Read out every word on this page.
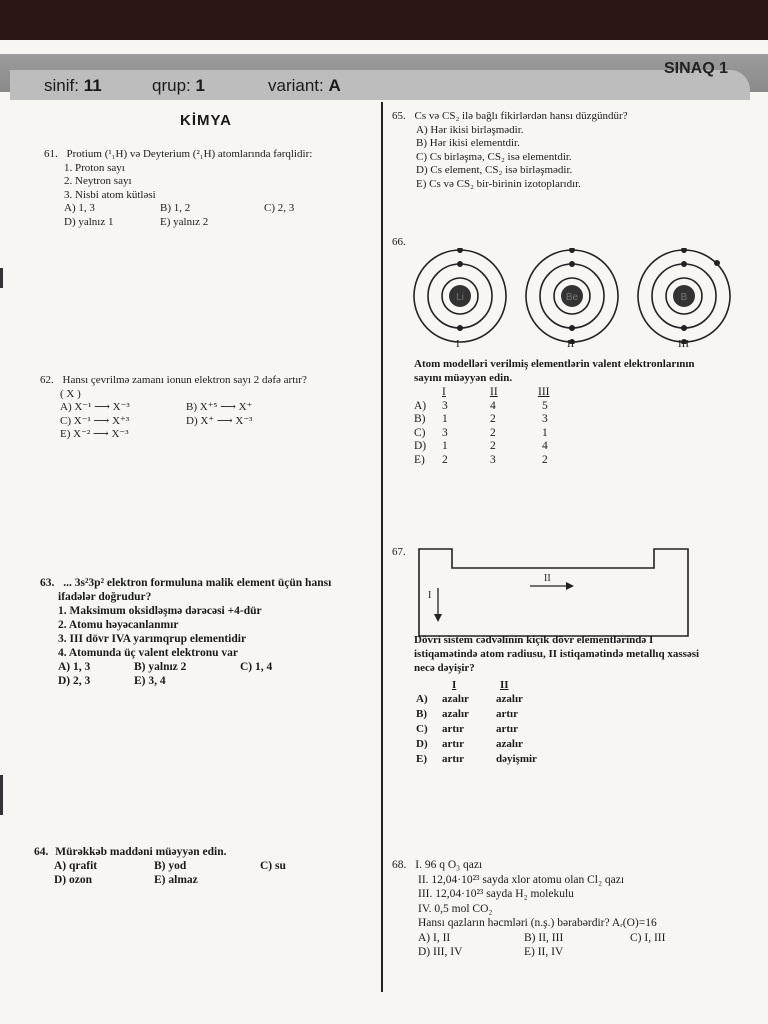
sinif: 11	qrup: 1	variant: A
SINAQ 1
KİMYA
61. Protium (¹₁H) və Deyterium (²₁H) atomlarında fərqlidir:
1. Proton sayı
2. Neytron sayı
3. Nisbi atom kütləsi
A) 1, 3	B) 1, 2	C) 2, 3
D) yalnız 1	E) yalnız 2
62. Hansı çevrilmə zamanı ionun elektron sayı 2 dəfə artır?
( X )
A) X⁻¹ ⟶ X⁻³	B) X⁺⁵ ⟶ X⁺
C) X⁻¹ ⟶ X⁺³	D) X⁺ ⟶ X⁻³
E) X⁻² ⟶ X⁻³
63. ... 3s²3p² elektron formuluna malik element üçün hansı
ifadələr doğrudur?
1. Maksimum oksidləşmə dərəcəsi +4-dür
2. Atomu həyəcanlanmır
3. III dövr IVA yarımqrup elementidir
4. Atomunda üç valent elektronu var
A) 1, 3	B) yalnız 2	C) 1, 4
D) 2, 3	E) 3, 4
64. Mürəkkəb maddəni müəyyən edin.
A) qrafit	B) yod	C) su
D) ozon	E) almaz
65. Cs və CS₂ ilə bağlı fikirlərdən hansı düzgündür?
A) Hər ikisi birləşmədir.
B) Hər ikisi elementdir.
C) Cs birləşmə, CS₂ isə elementdir.
D) Cs element, CS₂ isə birləşmədir.
E) Cs və CS₂ bir-birinin izotoplarıdır.
66.
Li	Be	B
I	II	III
Atom modelləri verilmiş elementlərin valent elektronlarının
sayını müəyyən edin.
I	II	III
A) 3	4	5
B) 1	2	3
C) 3	2	1
D) 1	2	4
E) 2	3	2
67.
I
II
Dövri sistem cədvəlinin kiçik dövr elementlərində I
istiqamətində atom radiusu, II istiqamətində metallıq xassəsi
necə dəyişir?
I	II
A) azalır azalır
B) azalır artır
C) artır	artır
D) artır	azalır
E) artır	dəyişmir
68. I. 96 q O₃ qazı
II. 12,04·10²³ sayda xlor atomu olan Cl₂ qazı
III. 12,04·10²³ sayda H₂ molekulu
IV. 0,5 mol CO₂
Hansı qazların həcmləri (n.ş.) bərabərdir? Aᵣ(O)=16
A) I, II	B) II, III	C) I, III
D) III, IV	E) II, IV
